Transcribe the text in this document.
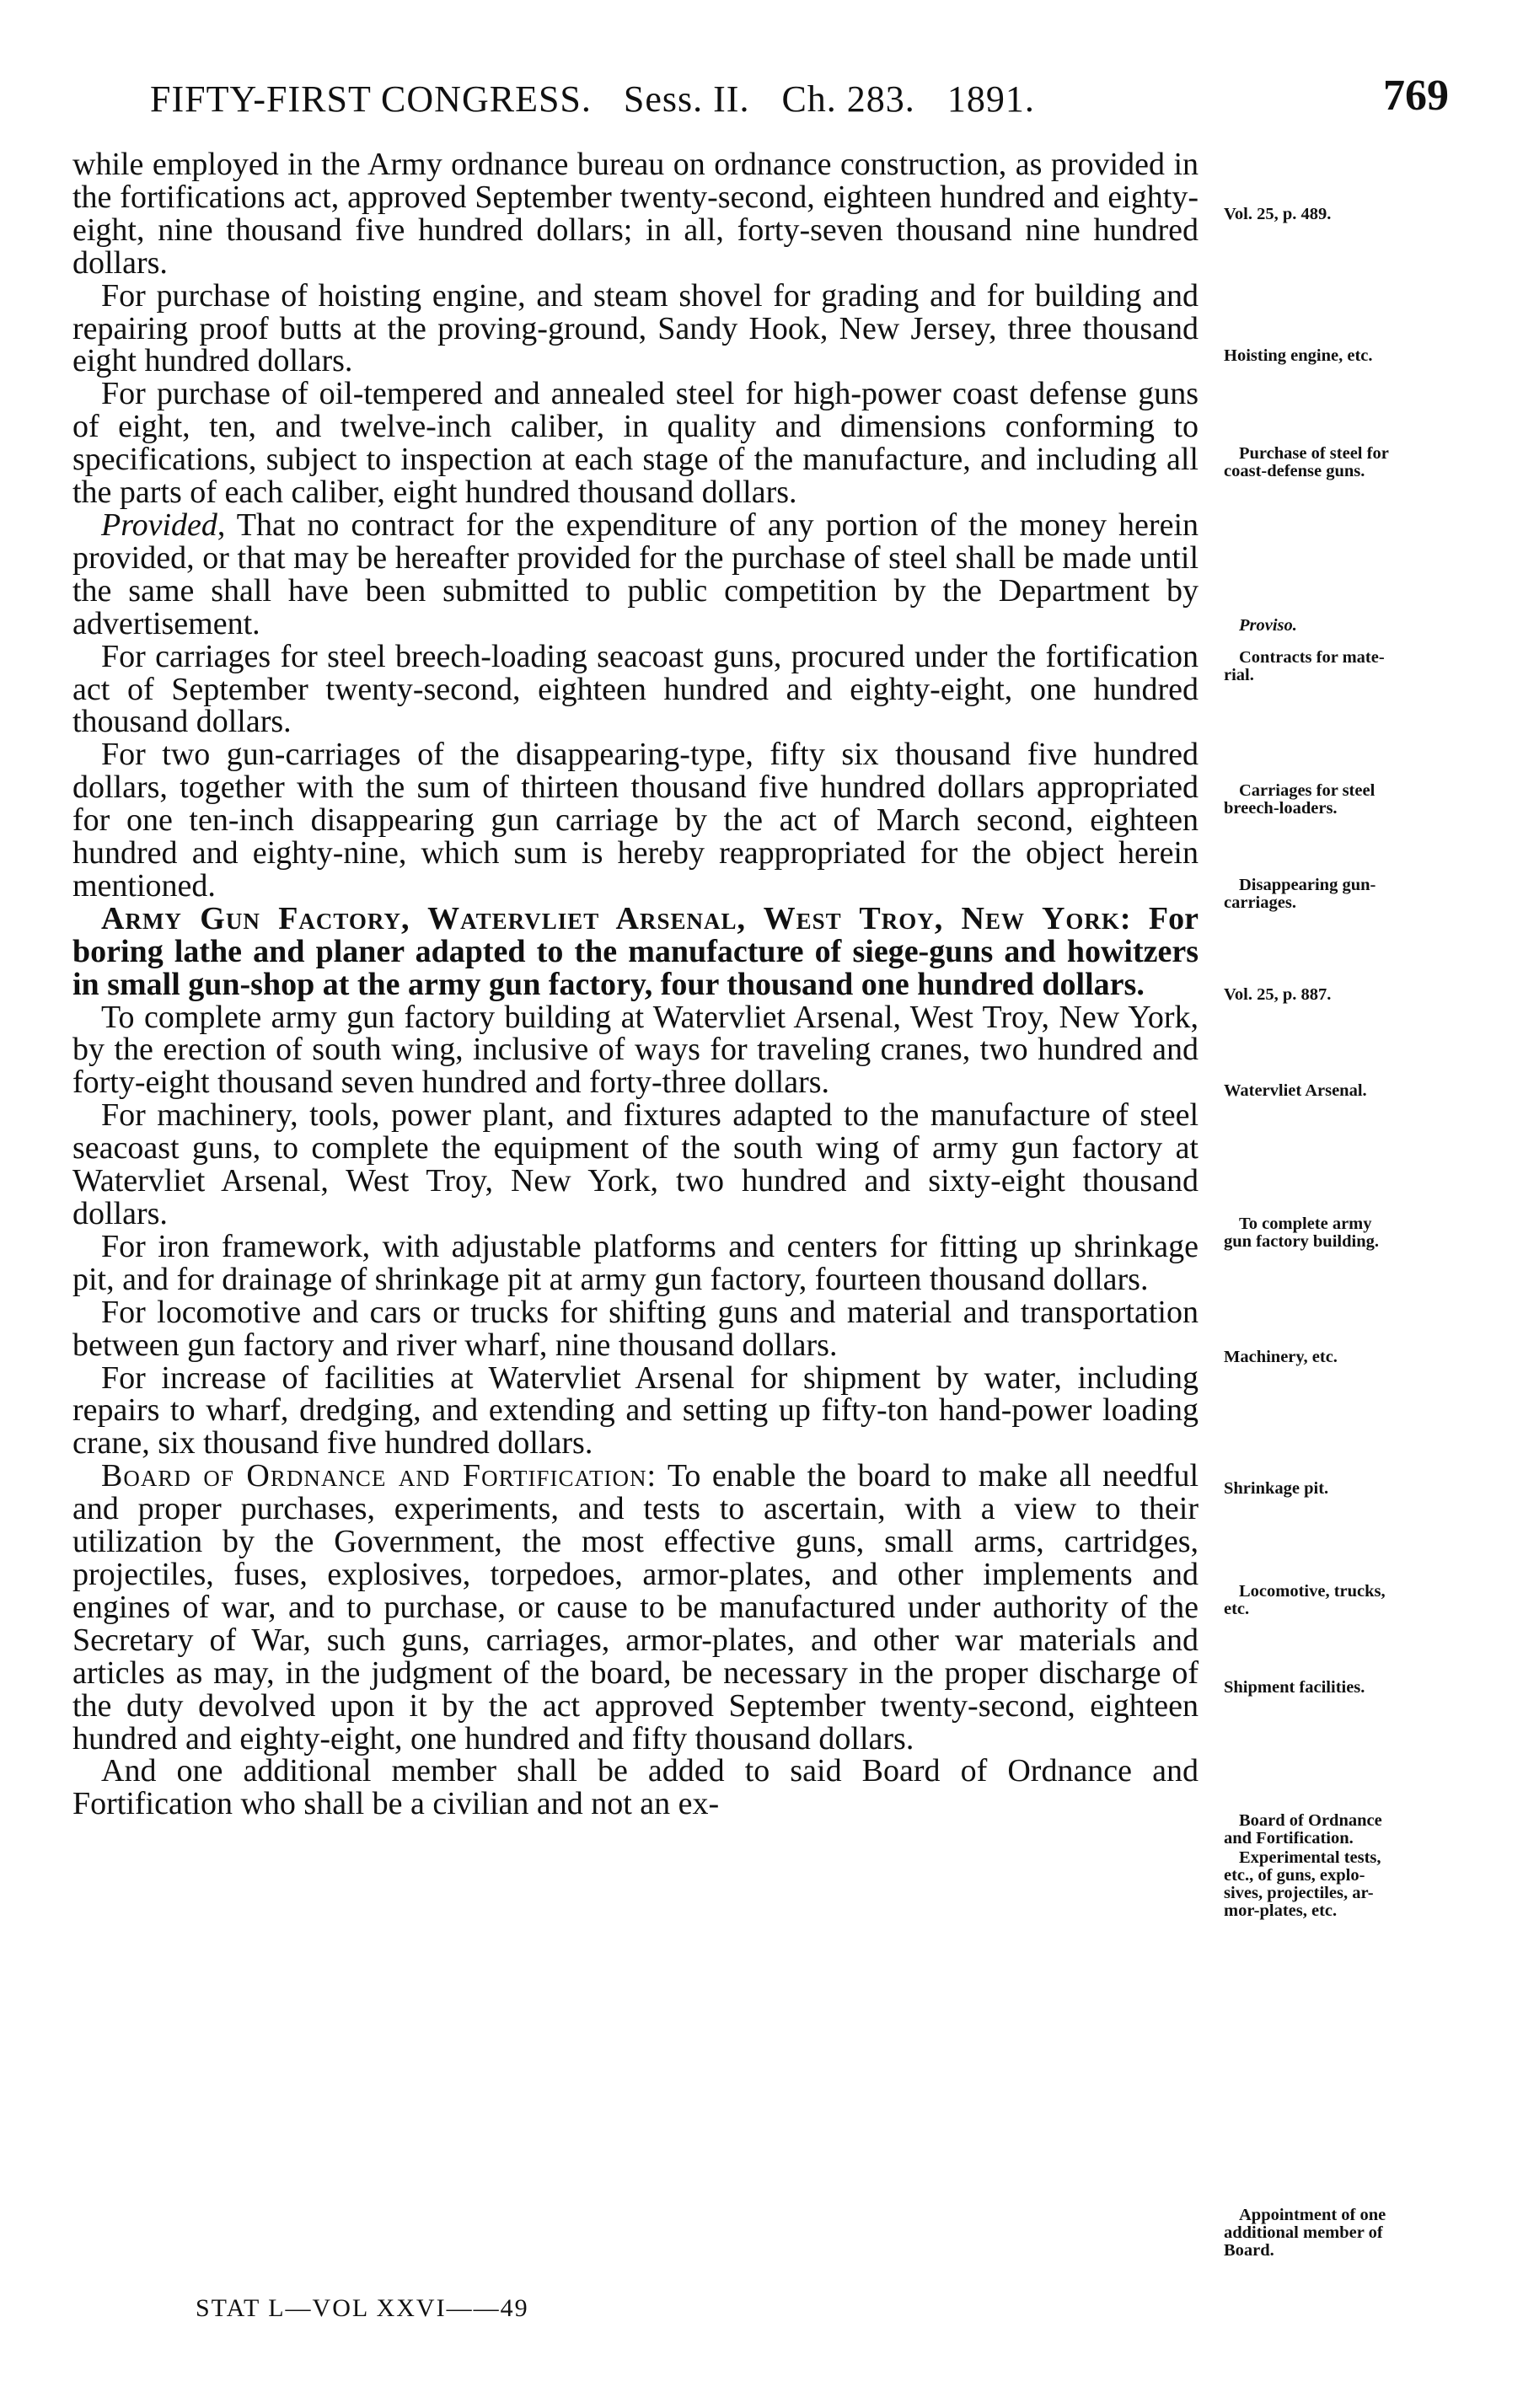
FIFTY-FIRST CONGRESS. Sess. II. Ch. 283. 1891.	769

while employed in the Army ordnance bureau on ordnance construction, as provided in the fortifications act, approved September twenty-second, eighteen hundred and eighty-eight, nine thousand five hundred dollars; in all, forty-seven thousand nine hundred dollars.

For purchase of hoisting engine, and steam shovel for grading and for building and repairing proof butts at the proving-ground, Sandy Hook, New Jersey, three thousand eight hundred dollars.

For purchase of oil-tempered and annealed steel for high-power coast defense guns of eight, ten, and twelve-inch caliber, in quality and dimensions conforming to specifications, subject to inspection at each stage of the manufacture, and including all the parts of each caliber, eight hundred thousand dollars.

Provided, That no contract for the expenditure of any portion of the money herein provided, or that may be hereafter provided for the purchase of steel shall be made until the same shall have been submitted to public competition by the Department by advertisement.

For carriages for steel breech-loading seacoast guns, procured under the fortification act of September twenty-second, eighteen hundred and eighty-eight, one hundred thousand dollars.

For two gun-carriages of the disappearing-type, fifty six thousand five hundred dollars, together with the sum of thirteen thousand five hundred dollars appropriated for one ten-inch disappearing gun carriage by the act of March second, eighteen hundred and eighty-nine, which sum is hereby reappropriated for the object herein mentioned.

Army Gun Factory, Watervliet Arsenal, West Troy, New York: For boring lathe and planer adapted to the manufacture of siege-guns and howitzers in small gun-shop at the army gun factory, four thousand one hundred dollars.

To complete army gun factory building at Watervliet Arsenal, West Troy, New York, by the erection of south wing, inclusive of ways for traveling cranes, two hundred and forty-eight thousand seven hundred and forty-three dollars.

For machinery, tools, power plant, and fixtures adapted to the manufacture of steel seacoast guns, to complete the equipment of the south wing of army gun factory at Watervliet Arsenal, West Troy, New York, two hundred and sixty-eight thousand dollars.

For iron framework, with adjustable platforms and centers for fitting up shrinkage pit, and for drainage of shrinkage pit at army gun factory, fourteen thousand dollars.

For locomotive and cars or trucks for shifting guns and material and transportation between gun factory and river wharf, nine thousand dollars.

For increase of facilities at Watervliet Arsenal for shipment by water, including repairs to wharf, dredging, and extending and setting up fifty-ton hand-power loading crane, six thousand five hundred dollars.

Board of Ordnance and Fortification: To enable the board to make all needful and proper purchases, experiments, and tests to ascertain, with a view to their utilization by the Government, the most effective guns, small arms, cartridges, projectiles, fuses, explosives, torpedoes, armor-plates, and other implements and engines of war, and to purchase, or cause to be manufactured under authority of the Secretary of War, such guns, carriages, armor-plates, and other war materials and articles as may, in the judgment of the board, be necessary in the proper discharge of the duty devolved upon it by the act approved September twenty-second, eighteen hundred and eighty-eight, one hundred and fifty thousand dollars.

And one additional member shall be added to said Board of Ordnance and Fortification who shall be a civilian and not an ex-

Vol. 25, p. 489.
Hoisting engine, etc.
Purchase of steel for
coast-defense guns.
Proviso.
Contracts for mate-
rial.
Carriages for steel
breech-loaders.
Disappearing gun-
carriages.
Vol. 25, p. 887.
Watervliet Arsenal.
To complete army
gun factory building.
Machinery, etc.
Shrinkage pit.
Locomotive, trucks,
etc.
Shipment facilities.
Board of Ordnance
and Fortification.
Experimental tests,
etc., of guns, explo-
sives, projectiles, ar-
mor-plates, etc.
Appointment of one
additional member of
Board.
STAT L—VOL XXVI——49
